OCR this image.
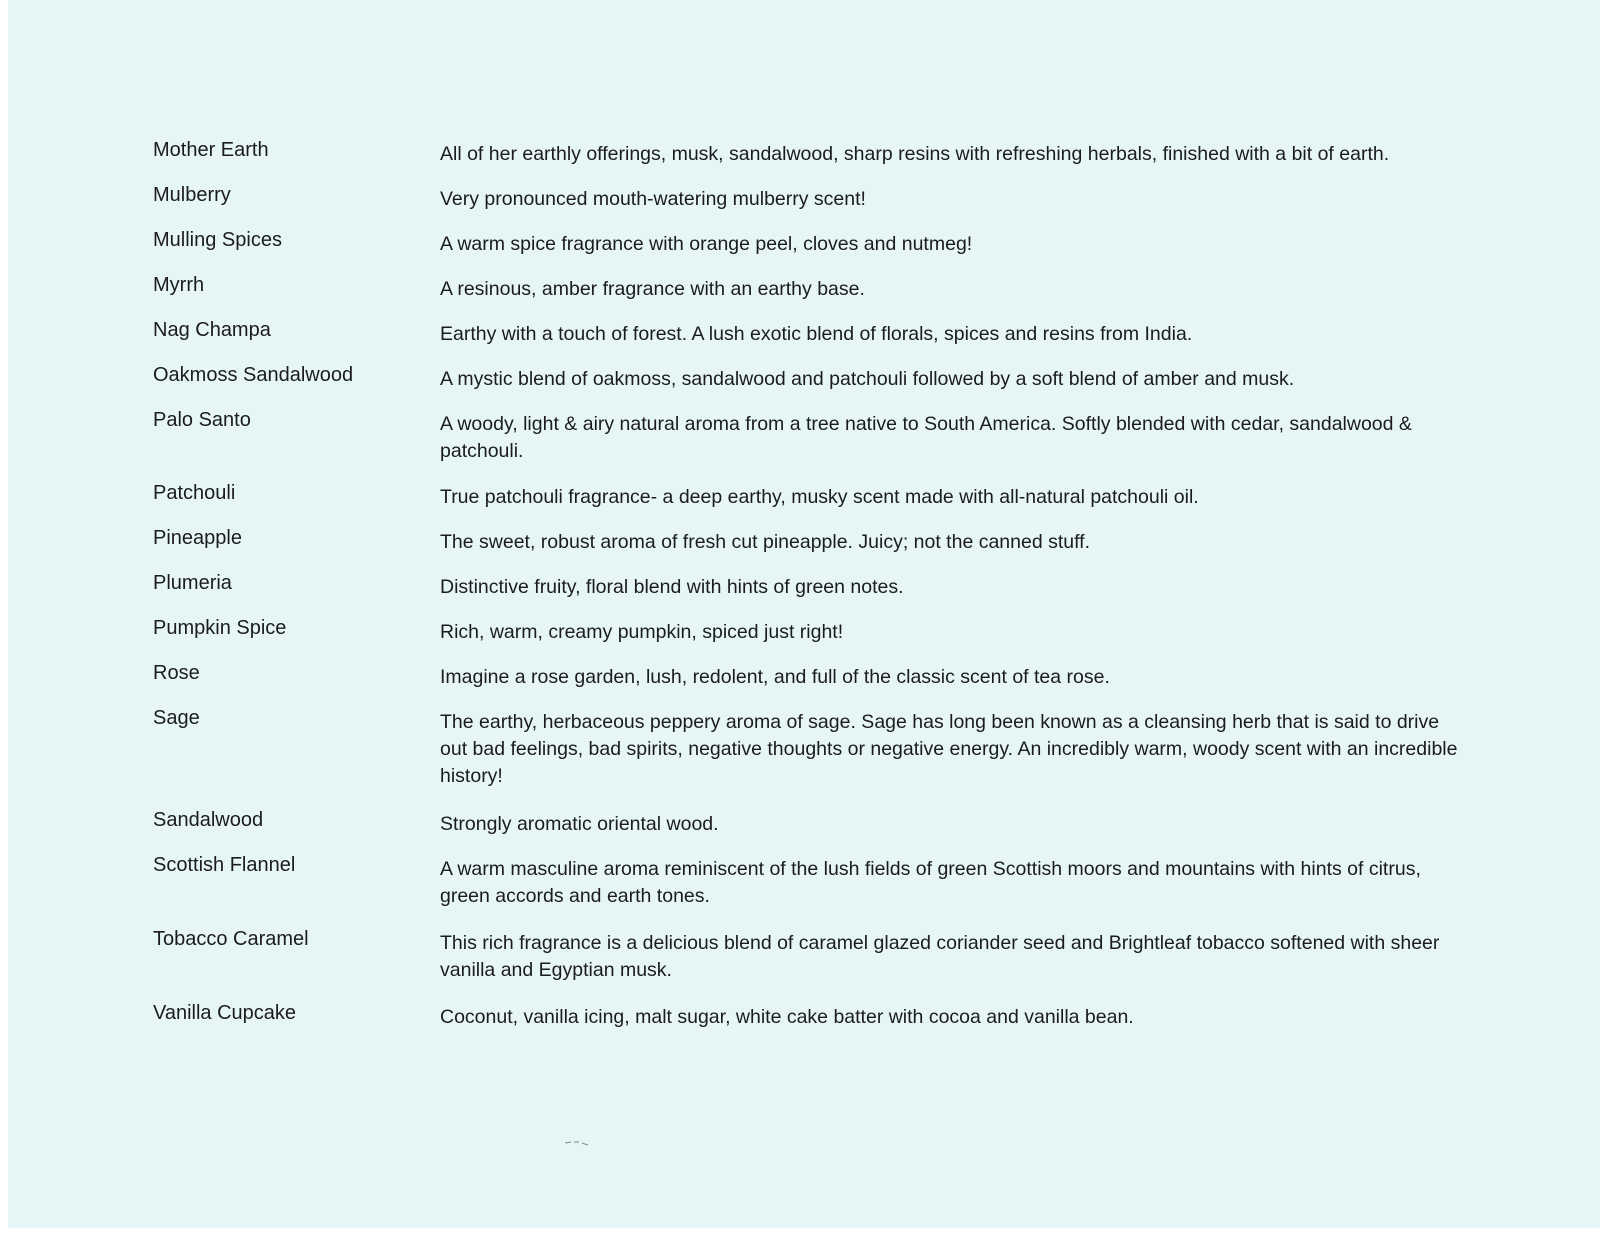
Mother Earth	All of her earthly offerings, musk, sandalwood, sharp resins with refreshing herbals, finished with a bit of earth.
Mulberry	Very pronounced mouth-watering mulberry scent!
Mulling Spices	A warm spice fragrance with orange peel, cloves and nutmeg!
Myrrh	A resinous, amber fragrance with an earthy base.
Nag Champa	Earthy with a touch of forest. A lush exotic blend of florals, spices and resins from India.
Oakmoss Sandalwood	A mystic blend of oakmoss, sandalwood and patchouli followed by a soft blend of amber and musk.
Palo Santo	A woody, light & airy natural aroma from a tree native to South America. Softly blended with cedar, sandalwood & patchouli.
Patchouli	True patchouli fragrance- a deep earthy, musky scent made with all-natural patchouli oil.
Pineapple	The sweet, robust aroma of fresh cut pineapple. Juicy; not the canned stuff.
Plumeria	Distinctive fruity, floral blend with hints of green notes.
Pumpkin Spice	Rich, warm, creamy pumpkin, spiced just right!
Rose	Imagine a rose garden, lush, redolent, and full of the classic scent of tea rose.
Sage	The earthy, herbaceous peppery aroma of sage. Sage has long been known as a cleansing herb that is said to drive out bad feelings, bad spirits, negative thoughts or negative energy. An incredibly warm, woody scent with an incredible history!
Sandalwood	Strongly aromatic oriental wood.
Scottish Flannel	A warm masculine aroma reminiscent of the lush fields of green Scottish moors and mountains with hints of citrus, green accords and earth tones.
Tobacco Caramel	This rich fragrance is a delicious blend of caramel glazed coriander seed and Brightleaf tobacco softened with sheer vanilla and Egyptian musk.
Vanilla Cupcake	Coconut, vanilla icing, malt sugar, white cake batter with cocoa and vanilla bean.
